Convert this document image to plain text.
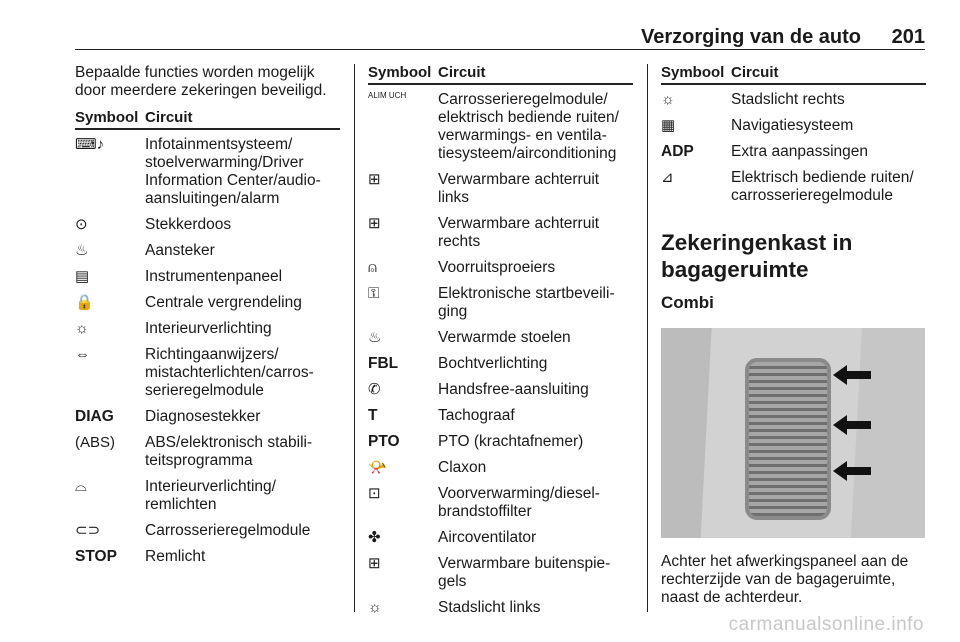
Verzorging van de auto 201

Bepaalde functies worden mogelijk door meerdere zekeringen beveiligd.

Symbool Circuit
⌨♪	Infotainmentsysteem/ stoelverwarming/Driver Information Center/audio-aansluitingen/alarm
⊙	Stekkerdoos
♨	Aansteker
▤	Instrumentenpaneel
🔒	Centrale vergrendeling
☼	Interieurverlichting
⇔	Richtingaanwijzers/ mistachterlichten/carros-serieregelmodule
DIAG	Diagnosestekker
(ABS)	ABS/elektronisch stabili-teitsprogramma
⌓	Interieurverlichting/ remlichten
⊂⊃	Carrosserieregelmodule
STOP	Remlicht
Symbool Circuit
ALIM UCH	Carrosserieregelmodule/ elektrisch bediende ruiten/ verwarmings- en ventila-tiesysteem/airconditioning
⊞	Verwarmbare achterruit links
⊞	Verwarmbare achterruit rechts
⍝	Voorruitsproeiers
⚿	Elektronische startbeveili-ging
♨	Verwarmde stoelen
FBL	Bochtverlichting
✆	Handsfree-aansluiting
T	Tachograaf
PTO	PTO (krachtafnemer)
📯	Claxon
⊡	Voorverwarming/diesel-brandstoffilter
✤	Aircoventilator
⊞	Verwarmbare buitenspie-gels
☼	Stadslicht links
Symbool Circuit
☼	Stadslicht rechts
▦	Navigatiesysteem
ADP	Extra aanpassingen
⊿	Elektrisch bediende ruiten/ carrosserieregelmodule
Zekeringenkast in bagageruimte
Combi

Achter het afwerkingspaneel aan de rechterzijde van de bagageruimte, naast de achterdeur.

carmanualsonline.info
